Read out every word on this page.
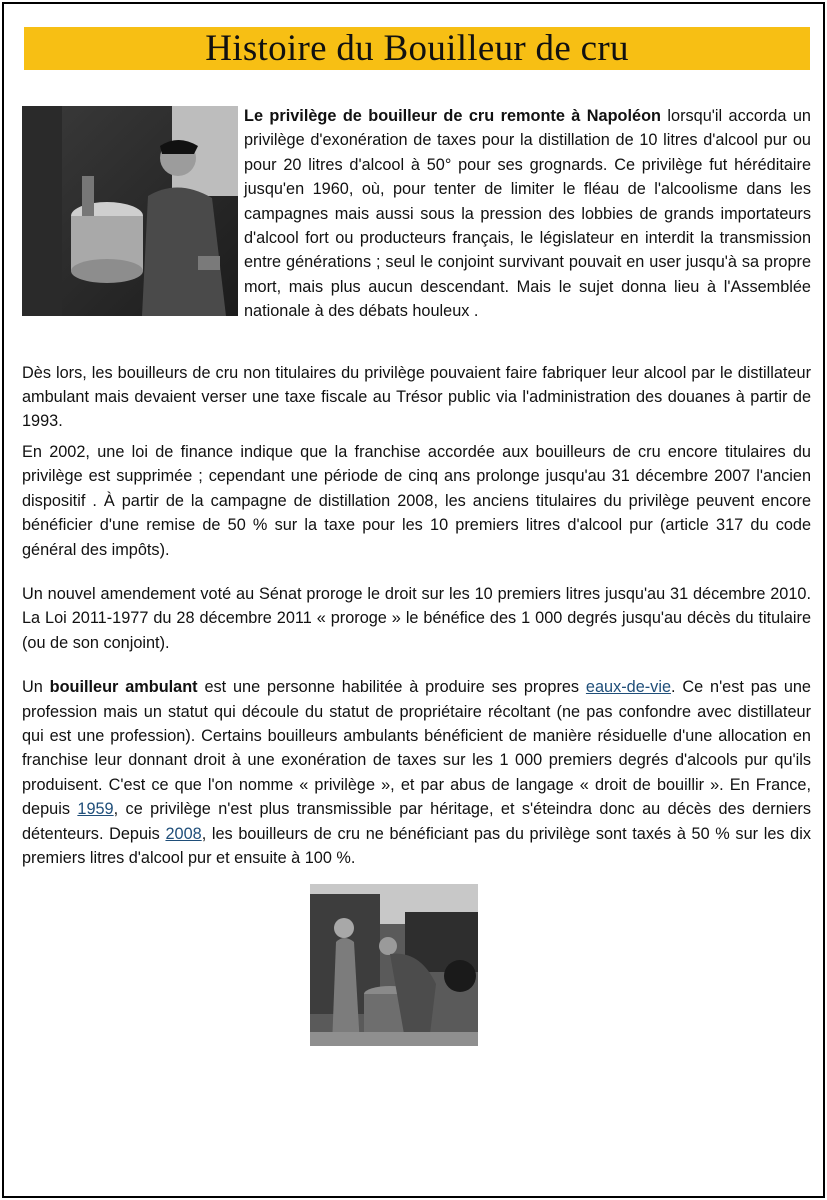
Histoire du Bouilleur de cru

Le privilège de bouilleur de cru remonte à Napoléon lorsqu'il accorda un privilège d'exonération de taxes pour la distillation de 10 litres d'alcool pur ou pour 20 litres d'alcool à 50° pour ses grognards. Ce privilège fut héréditaire jusqu'en 1960, où, pour tenter de limiter le fléau de l'alcoolisme dans les campagnes mais aussi sous la pression des lobbies de grands importateurs d'alcool fort ou producteurs français, le législateur en interdit la transmission entre générations ; seul le conjoint survivant pouvait en user jusqu'à sa propre mort, mais plus aucun descendant. Mais le sujet donna lieu à l'Assemblée nationale à des débats houleux .

Dès lors, les bouilleurs de cru non titulaires du privilège pouvaient faire fabriquer leur alcool par le distillateur ambulant mais devaient verser une taxe fiscale au Trésor public via l'administration des douanes à partir de 1993.

En 2002, une loi de finance indique que la franchise accordée aux bouilleurs de cru encore titulaires du privilège est supprimée ; cependant une période de cinq ans prolonge jusqu'au 31 décembre 2007 l'ancien dispositif . À partir de la campagne de distillation 2008, les anciens titulaires du privilège peuvent encore bénéficier d'une remise de 50 % sur la taxe pour les 10 premiers litres d'alcool pur (article 317 du code général des impôts).

Un nouvel amendement voté au Sénat proroge le droit sur les 10 premiers litres jusqu'au 31 décembre 2010. La Loi 2011-1977 du 28 décembre 2011 « proroge » le bénéfice des 1 000 degrés jusqu'au décès du titulaire (ou de son conjoint).

Un bouilleur ambulant est une personne habilitée à produire ses propres eaux-de-vie. Ce n'est pas une profession mais un statut qui découle du statut de propriétaire récoltant (ne pas confondre avec distillateur qui est une profession). Certains bouilleurs ambulants bénéficient de manière résiduelle d'une allocation en franchise leur donnant droit à une exonération de taxes sur les 1 000 premiers degrés d'alcools pur qu'ils produisent. C'est ce que l'on nomme « privilège », et par abus de langage « droit de bouillir ». En France, depuis 1959, ce privilège n'est plus transmissible par héritage, et s'éteindra donc au décès des derniers détenteurs. Depuis 2008, les bouilleurs de cru ne bénéficiant pas du privilège sont taxés à 50 % sur les dix premiers litres d'alcool pur et ensuite à 100 %.
